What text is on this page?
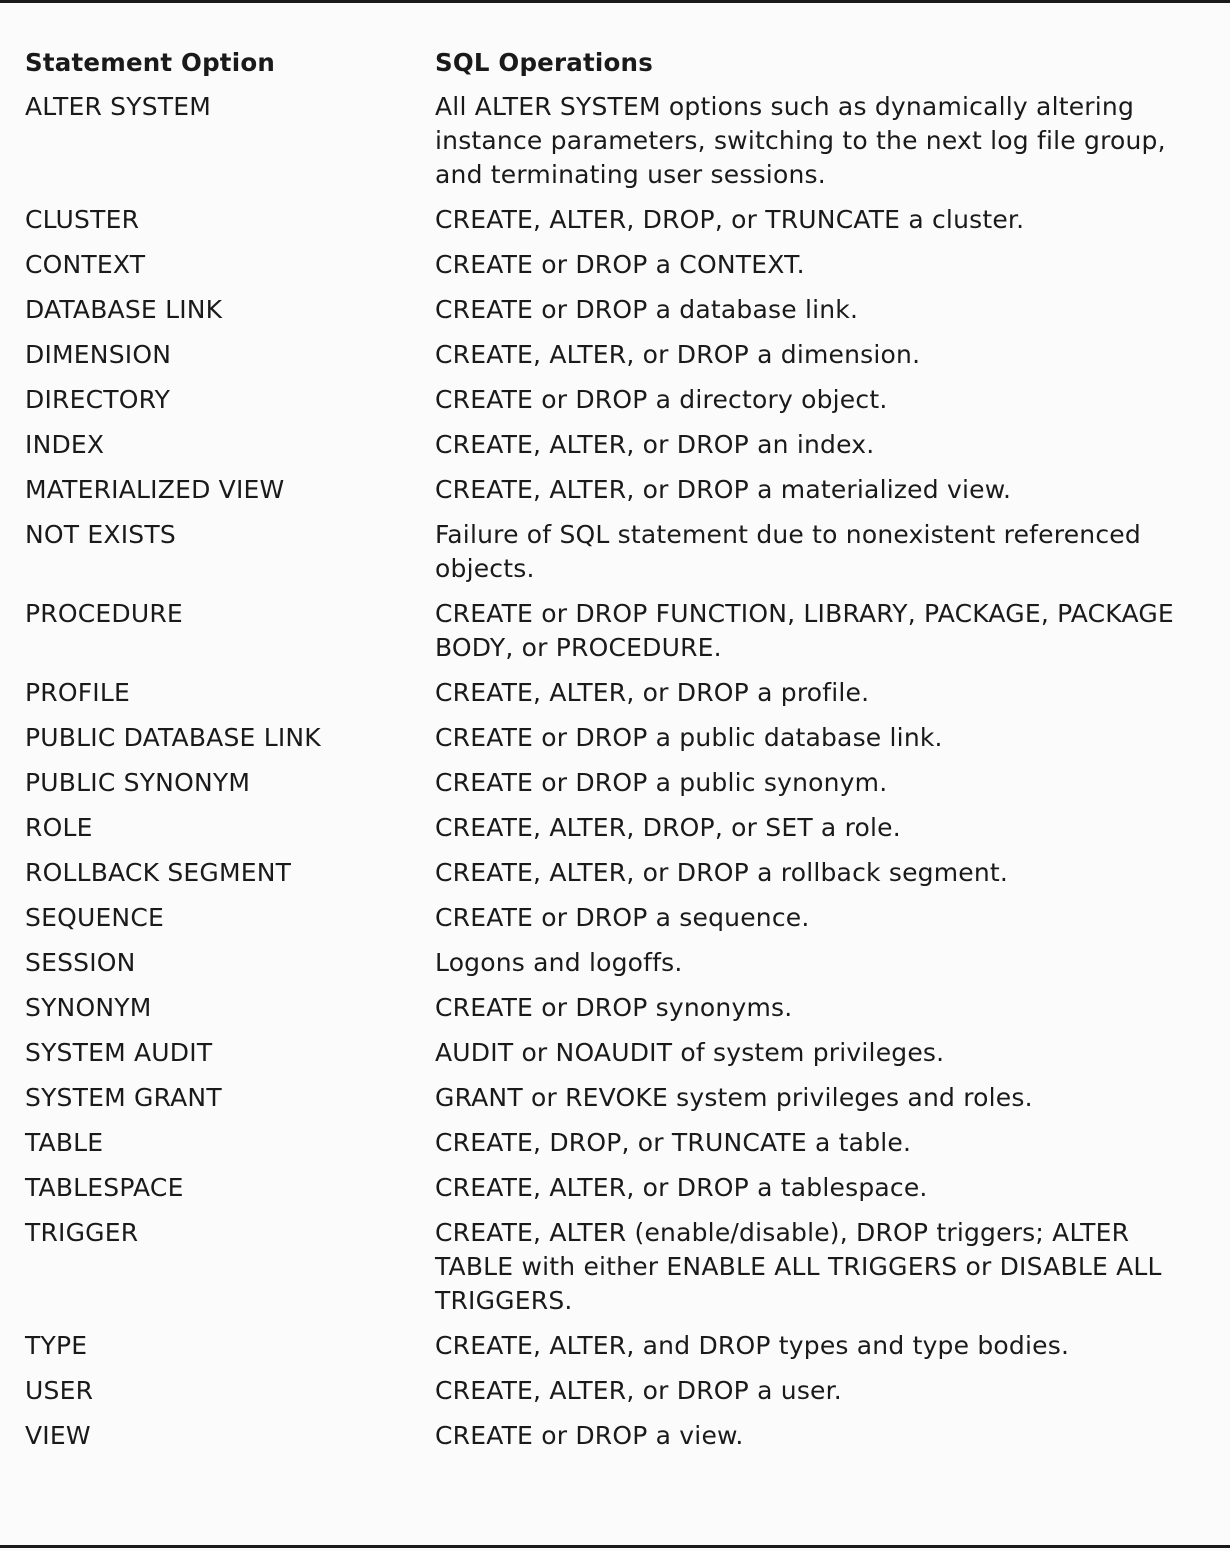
Statement Option	SQL Operations
ALTER SYSTEM	All ALTER SYSTEM options such as dynamically altering instance parameters, switching to the next log file group, and terminating user sessions.
CLUSTER	CREATE, ALTER, DROP, or TRUNCATE a cluster.
CONTEXT	CREATE or DROP a CONTEXT.
DATABASE LINK	CREATE or DROP a database link.
DIMENSION	CREATE, ALTER, or DROP a dimension.
DIRECTORY	CREATE or DROP a directory object.
INDEX	CREATE, ALTER, or DROP an index.
MATERIALIZED VIEW	CREATE, ALTER, or DROP a materialized view.
NOT EXISTS	Failure of SQL statement due to nonexistent referenced objects.
PROCEDURE	CREATE or DROP FUNCTION, LIBRARY, PACKAGE, PACKAGE BODY, or PROCEDURE.
PROFILE	CREATE, ALTER, or DROP a profile.
PUBLIC DATABASE LINK	CREATE or DROP a public database link.
PUBLIC SYNONYM	CREATE or DROP a public synonym.
ROLE	CREATE, ALTER, DROP, or SET a role.
ROLLBACK SEGMENT	CREATE, ALTER, or DROP a rollback segment.
SEQUENCE	CREATE or DROP a sequence.
SESSION	Logons and logoffs.
SYNONYM	CREATE or DROP synonyms.
SYSTEM AUDIT	AUDIT or NOAUDIT of system privileges.
SYSTEM GRANT	GRANT or REVOKE system privileges and roles.
TABLE	CREATE, DROP, or TRUNCATE a table.
TABLESPACE	CREATE, ALTER, or DROP a tablespace.
TRIGGER	CREATE, ALTER (enable/disable), DROP triggers; ALTER TABLE with either ENABLE ALL TRIGGERS or DISABLE ALL TRIGGERS.
TYPE	CREATE, ALTER, and DROP types and type bodies.
USER	CREATE, ALTER, or DROP a user.
VIEW	CREATE or DROP a view.
